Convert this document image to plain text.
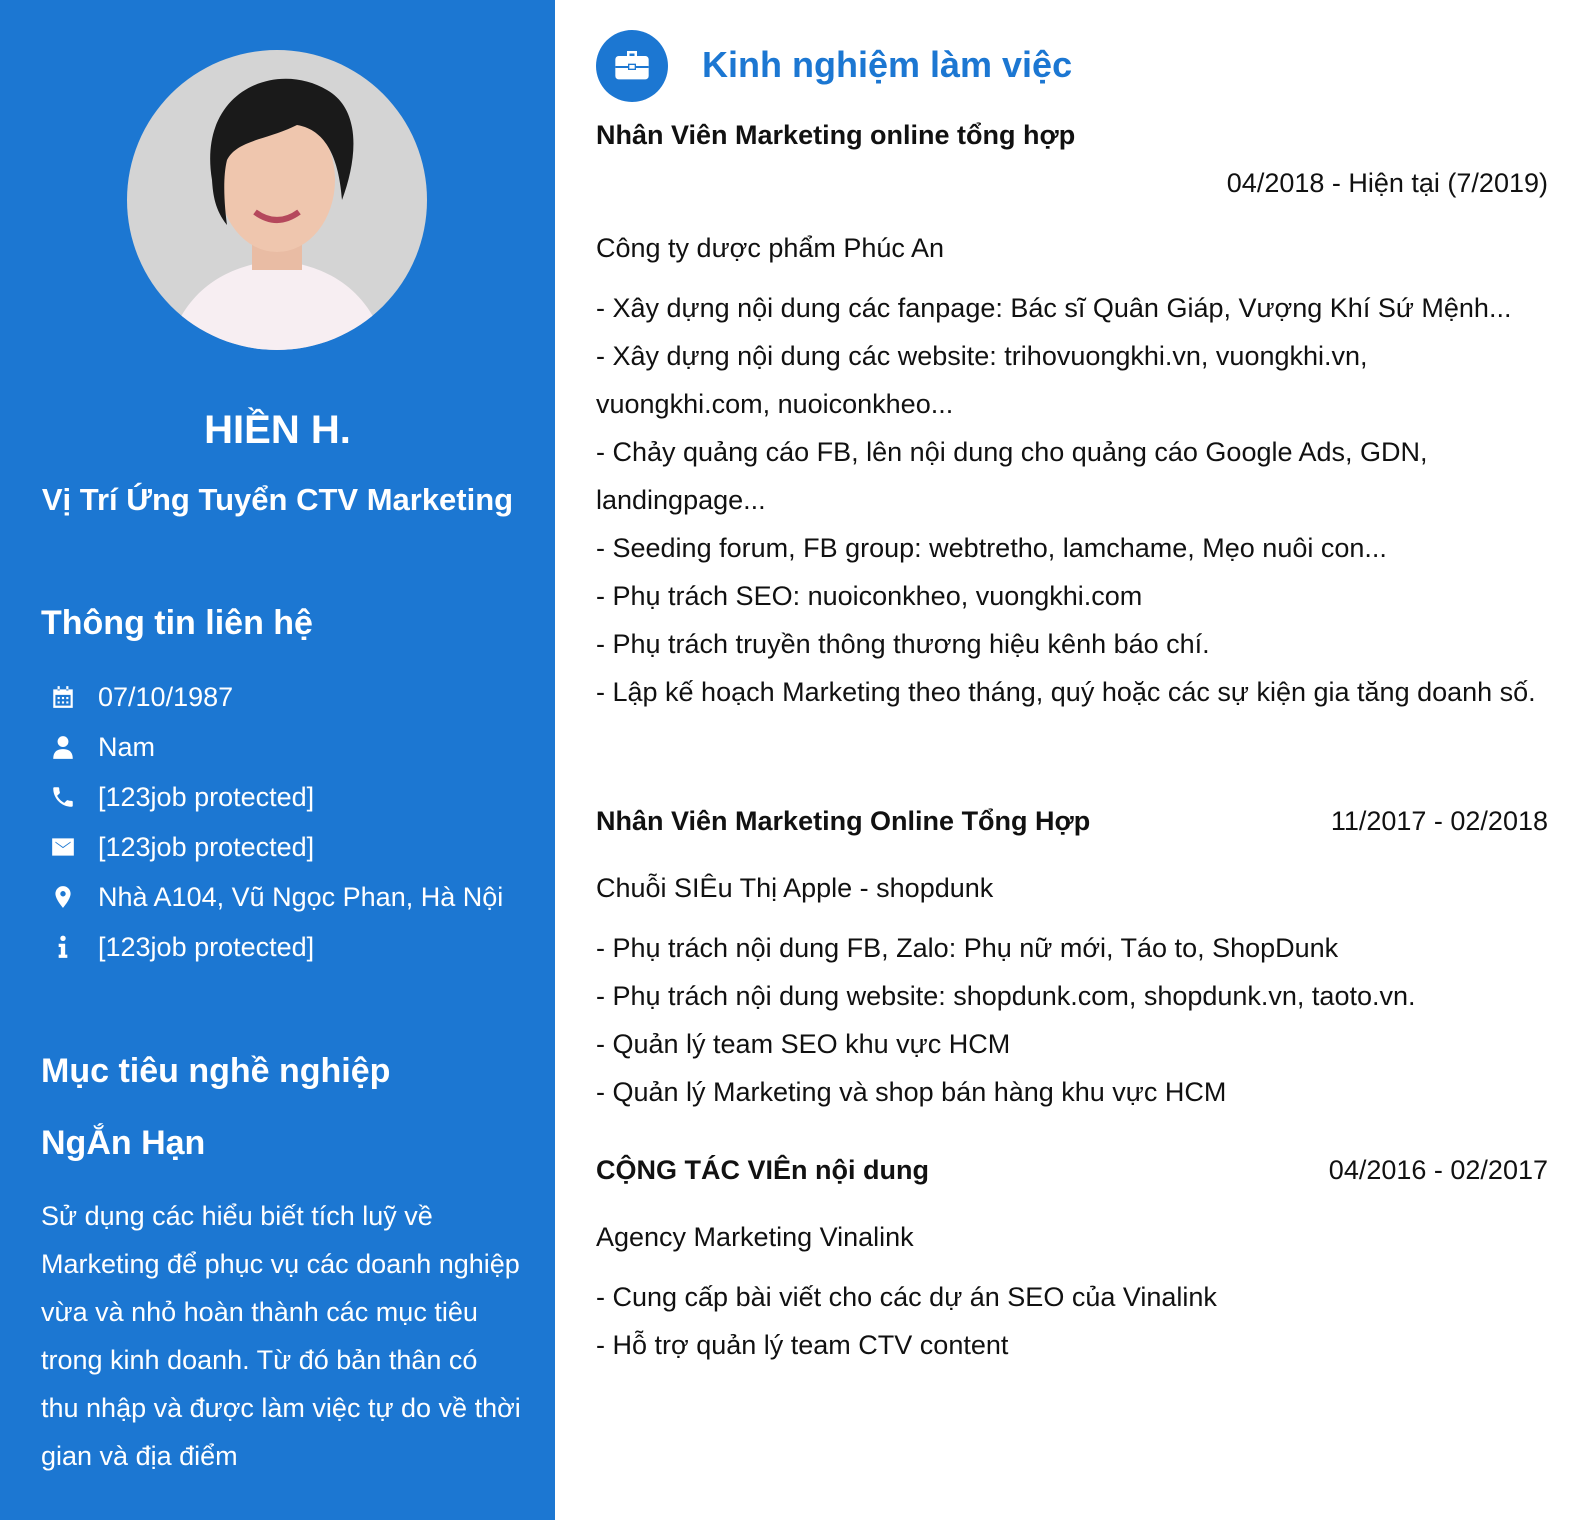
HIỀN H.
Vị Trí Ứng Tuyển CTV Marketing
Thông tin liên hệ
07/10/1987
Nam
[123job protected]
[123job protected]
Nhà A104, Vũ Ngọc Phan, Hà Nội
[123job protected]
Mục tiêu nghề nghiệp
NgẮn Hạn
Sử dụng các hiểu biết tích luỹ về Marketing để phục vụ các doanh nghiệp vừa và nhỏ hoàn thành các mục tiêu trong kinh doanh. Từ đó bản thân có thu nhập và được làm việc tự do về thời gian và địa điểm
Kinh nghiệm làm việc
Nhân Viên Marketing online tổng hợp
04/2018 - Hiện tại (7/2019)
Công ty dược phẩm Phúc An
- Xây dựng nội dung các fanpage: Bác sĩ Quân Giáp, Vượng Khí Sứ Mệnh...
- Xây dựng nội dung các website: trihovuongkhi.vn, vuongkhi.vn, vuongkhi.com, nuoiconkheo...
- Chảy quảng cáo FB, lên nội dung cho quảng cáo Google Ads, GDN, landingpage...
- Seeding forum, FB group: webtretho, lamchame, Mẹo nuôi con...
- Phụ trách SEO: nuoiconkheo, vuongkhi.com
- Phụ trách truyền thông thương hiệu kênh báo chí.
- Lập kế hoạch Marketing theo tháng, quý hoặc các sự kiện gia tăng doanh số.
Nhân Viên Marketing Online Tổng Hợp	11/2017 - 02/2018
Chuỗi SIÊu Thị Apple - shopdunk
- Phụ trách nội dung FB, Zalo: Phụ nữ mới, Táo to, ShopDunk
- Phụ trách nội dung website: shopdunk.com, shopdunk.vn, taoto.vn.
- Quản lý team SEO khu vực HCM
- Quản lý Marketing và shop bán hàng khu vực HCM
CỘNG TÁC VIÊn nội dung	04/2016 - 02/2017
Agency Marketing Vinalink
- Cung cấp bài viết cho các dự án SEO của Vinalink
- Hỗ trợ quản lý team CTV content
